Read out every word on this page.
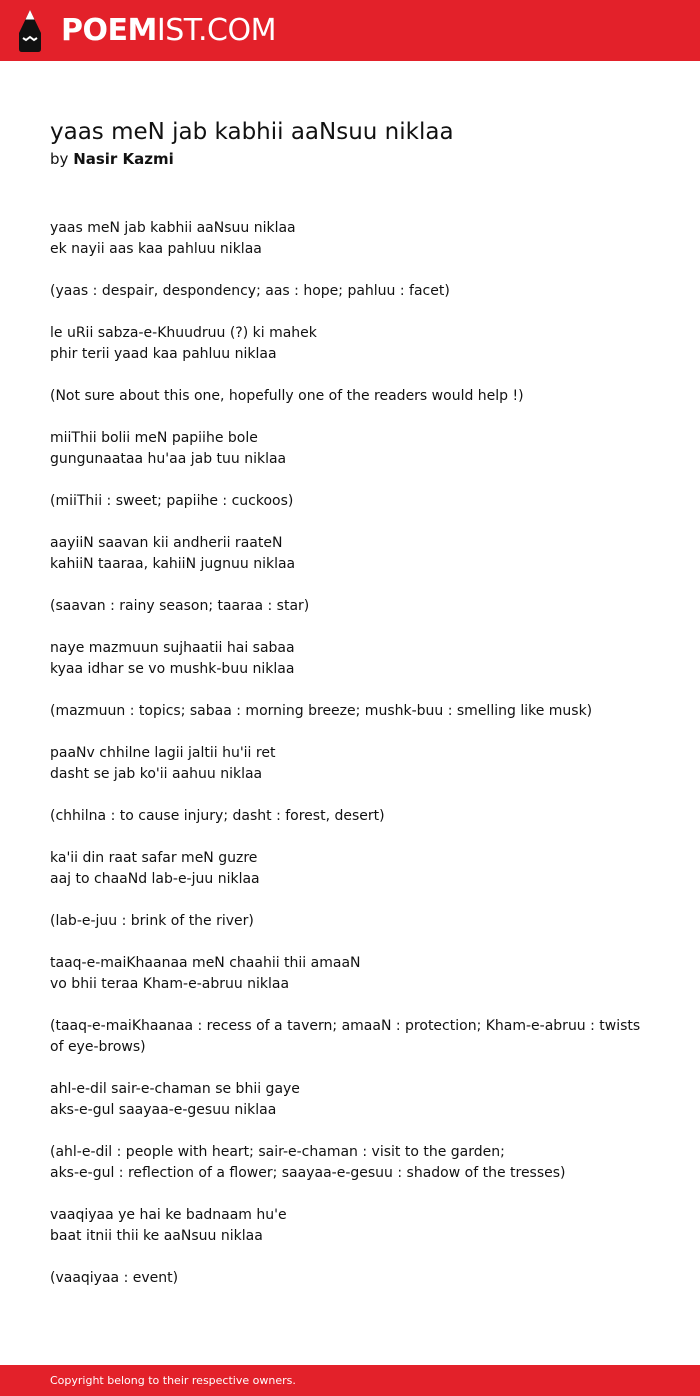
POEMIST.COM
yaas meN jab kabhii aaNsuu niklaa

by Nasir Kazmi

yaas meN jab kabhii aaNsuu niklaa
ek nayii aas kaa pahluu niklaa

(yaas : despair, despondency; aas : hope; pahluu : facet)

le uRii sabza-e-Khuudruu (?) ki mahek
phir terii yaad kaa pahluu niklaa

(Not sure about this one, hopefully one of the readers would help !)

miiThii bolii meN papiihe bole
gungunaataa hu'aa jab tuu niklaa

(miiThii : sweet; papiihe : cuckoos)

aayiiN saavan kii andherii raateN
kahiiN taaraa, kahiiN jugnuu niklaa

(saavan : rainy season; taaraa : star)

naye mazmuun sujhaatii hai sabaa
kyaa idhar se vo mushk-buu niklaa

(mazmuun : topics; sabaa : morning breeze; mushk-buu : smelling like musk)

paaNv chhilne lagii jaltii hu'ii ret
dasht se jab ko'ii aahuu niklaa

(chhilna : to cause injury; dasht : forest, desert)

ka'ii din raat safar meN guzre
aaj to chaaNd lab-e-juu niklaa

(lab-e-juu : brink of the river)

taaq-e-maiKhaanaa meN chaahii thii amaaN
vo bhii teraa Kham-e-abruu niklaa

(taaq-e-maiKhaanaa : recess of a tavern; amaaN : protection; Kham-e-abruu : twists of eye-brows)

ahl-e-dil sair-e-chaman se bhii gaye
aks-e-gul saayaa-e-gesuu niklaa

(ahl-e-dil : people with heart; sair-e-chaman : visit to the garden;
aks-e-gul : reflection of a flower; saayaa-e-gesuu : shadow of the tresses)

vaaqiyaa ye hai ke badnaam hu'e
baat itnii thii ke aaNsuu niklaa

(vaaqiyaa : event)

Copyright belong to their respective owners.
